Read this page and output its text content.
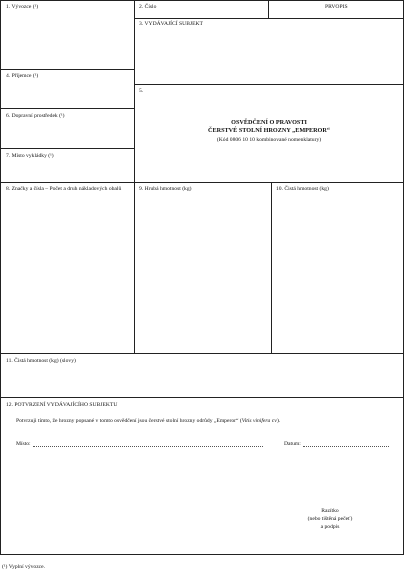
1. Vývozce (¹)	2. Číslo	PRVOPIS
3. VYDÁVAJÍCÍ SUBJEKT
4. Příjemce (¹)
5.
6. Dopravní prostředek (¹)
7. Místo vykládky (¹)
OSVĚDČENÍ O PRAVOSTI
ČERSTVÉ STOLNÍ HROZNY „EMPEROR“
(Kód 0806 10 10 kombinované nomenklatury)
8. Značky a čísla – Počet a druh nákladových obalů	9. Hrubá hmotnost (kg)	10. Čistá hmotnost (kg)
11. Čistá hmotnost (kg) (slovy)
12. POTVRZENÍ VYDÁVAJÍCÍHO SUBJEKTU
Potvrzuji tímto, že hrozny popsané v tomto osvědčení jsou čerstvé stolní hrozny odrůdy „Emperor“ (Vitis vinifera cv).
Místo:	Datum:
Razítko
(nebo tištěná pečeť)
a podpis
(¹) Vyplní vývozce.
